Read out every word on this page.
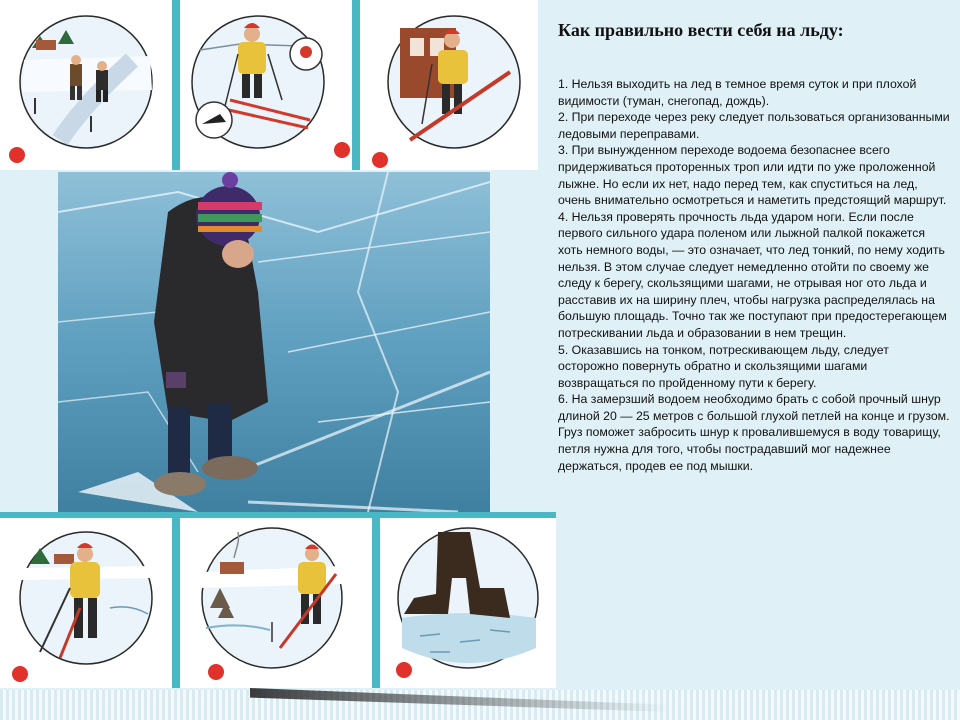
Как правильно вести себя на льду:
1. Нельзя выходить на лед в темное время суток и при плохой видимости (туман, снегопад, дождь).
2. При переходе через реку следует пользоваться организованными ледовыми переправами.
3. При вынужденном переходе водоема безопаснее всего придерживаться проторенных троп или идти по уже проложенной лыжне. Но если их нет, надо перед тем, как спуститься на лед, очень внимательно осмотреться и наметить предстоящий маршрут.
4. Нельзя проверять прочность льда ударом ноги. Если после первого сильного удара поленом или лыжной палкой покажется хоть немного воды, — это означает, что лед тонкий, по нему ходить нельзя. В этом случае следует немедленно отойти по своему же следу к берегу, скользящими шагами, не отрывая ног ото льда и расставив их на ширину плеч, чтобы нагрузка распределялась на большую площадь. Точно так же поступают при предостерегающем потрескивании льда и образовании в нем трещин.
5. Оказавшись на тонком, потрескивающем льду, следует осторожно повернуть обратно и скользящими шагами возвращаться по пройденному пути к берегу.
6. На замерзший водоем необходимо брать с собой прочный шнур длиной 20 — 25 метров с большой глухой петлей на конце и грузом. Груз поможет забросить шнур к провалившемуся в воду товарищу, петля нужна для того, чтобы пострадавший мог надежнее держаться, продев ее под мышки.
